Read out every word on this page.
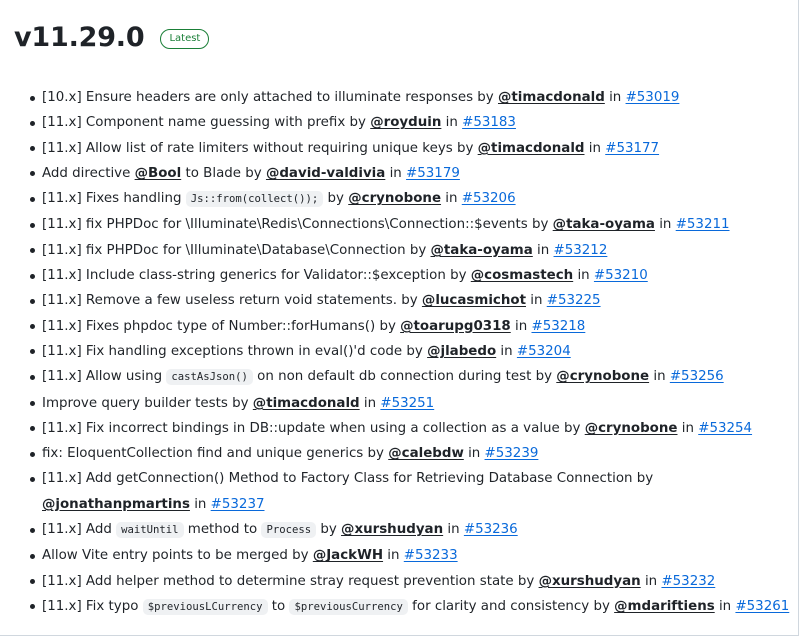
v11.29.0	Latest
[10.x] Ensure headers are only attached to illuminate responses by @timacdonald in #53019
[11.x] Component name guessing with prefix by @royduin in #53183
[11.x] Allow list of rate limiters without requiring unique keys by @timacdonald in #53177
Add directive @Bool to Blade by @david-valdivia in #53179
[11.x] Fixes handling Js::from(collect()); by @crynobone in #53206
[11.x] fix PHPDoc for \Illuminate\Redis\Connections\Connection::$events by @taka-oyama in #53211
[11.x] fix PHPDoc for \Illuminate\Database\Connection by @taka-oyama in #53212
[11.x] Include class-string generics for Validator::$exception by @cosmastech in #53210
[11.x] Remove a few useless return void statements. by @lucasmichot in #53225
[11.x] Fixes phpdoc type of Number::forHumans() by @toarupg0318 in #53218
[11.x] Fix handling exceptions thrown in eval()'d code by @jlabedo in #53204
[11.x] Allow using castAsJson() on non default db connection during test by @crynobone in #53256
Improve query builder tests by @timacdonald in #53251
[11.x] Fix incorrect bindings in DB::update when using a collection as a value by @crynobone in #53254
fix: EloquentCollection find and unique generics by @calebdw in #53239
[11.x] Add getConnection() Method to Factory Class for Retrieving Database Connection by @jonathanpmartins in #53237
[11.x] Add waitUntil method to Process by @xurshudyan in #53236
Allow Vite entry points to be merged by @JackWH in #53233
[11.x] Add helper method to determine stray request prevention state by @xurshudyan in #53232
[11.x] Fix typo $previousLCurrency to $previousCurrency for clarity and consistency by @mdariftiens in #53261
